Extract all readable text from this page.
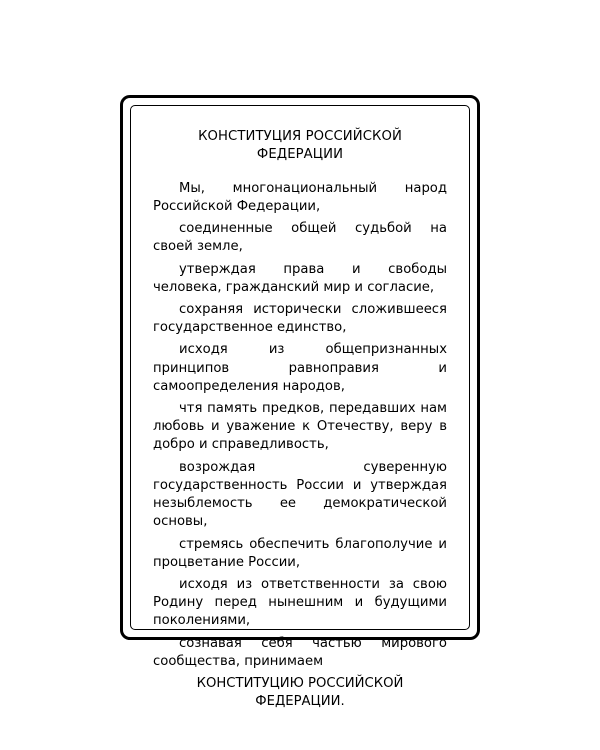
КОНСТИТУЦИЯ РОССИЙСКОЙ
ФЕДЕРАЦИИ

Мы, многонациональный народ Российской Федерации,

соединенные общей судьбой на своей земле,

утверждая права и свободы человека, гражданский мир и согласие,

сохраняя исторически сложившееся государственное единство,

исходя из общепризнанных принципов равноправия и самоопределения народов,

чтя память предков, передавших нам любовь и уважение к Отечеству, веру в добро и справедливость,

возрождая суверенную государственность России и утверждая незыблемость ее демократической основы,

стремясь обеспечить благополучие и процветание России,

исходя из ответственности за свою Родину перед нынешним и будущими поколениями,

сознавая себя частью мирового сообщества, принимаем

КОНСТИТУЦИЮ РОССИЙСКОЙ
ФЕДЕРАЦИИ.
